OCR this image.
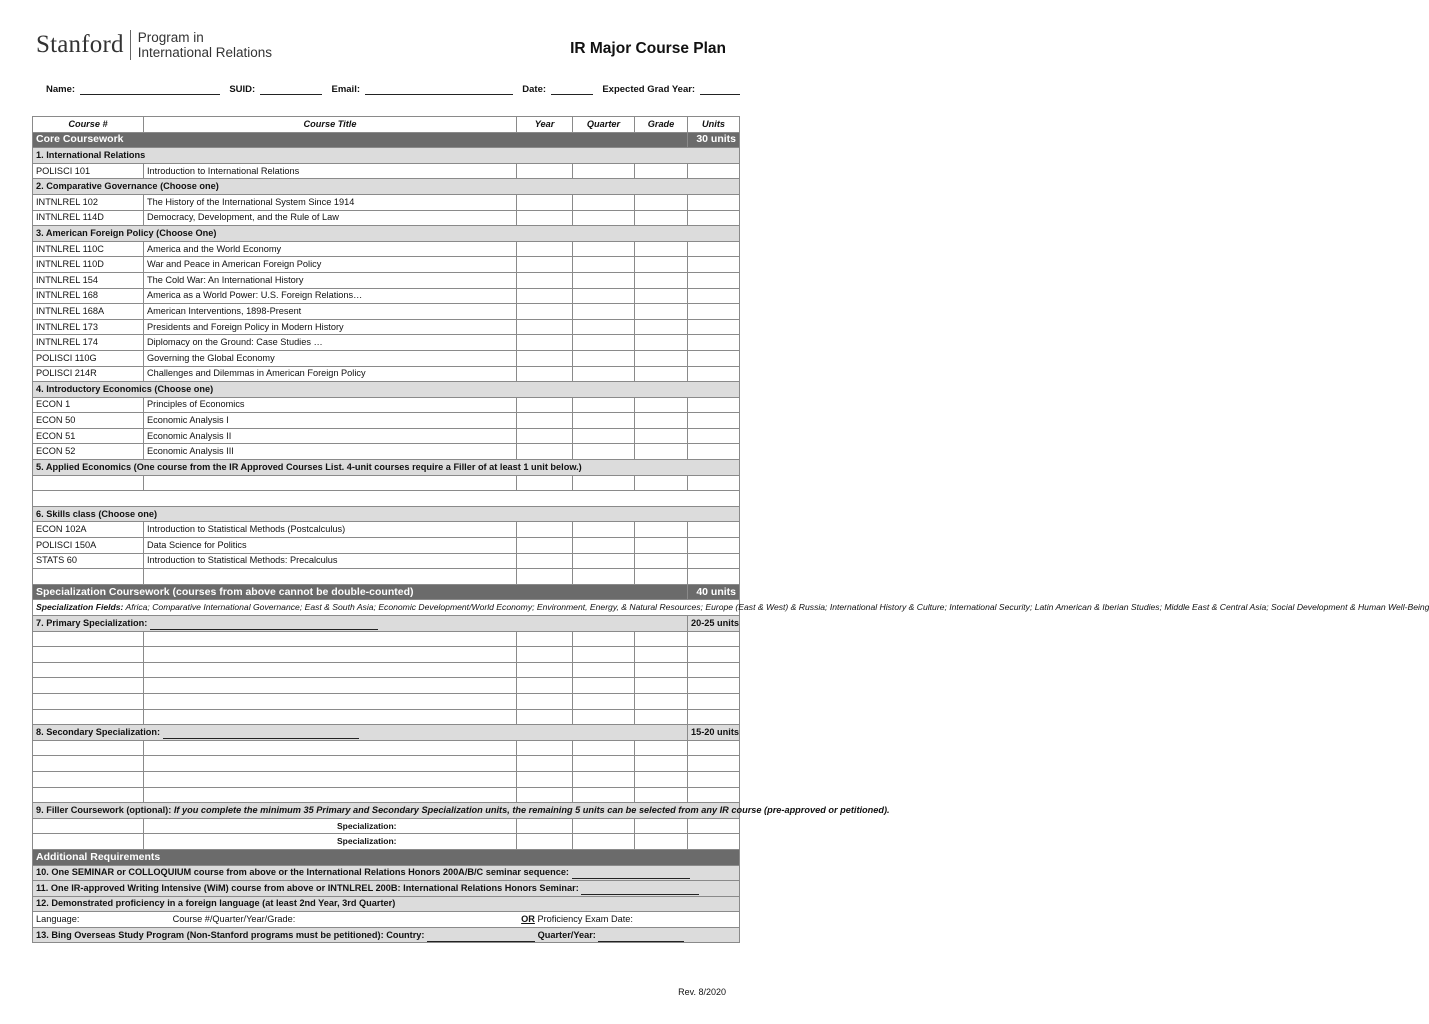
Stanford Program in
International Relations	IR Major Course Plan
Name:	SUID:	Email:	Date:	Expected Grad Year:
Course #	Course Title	Year	Quarter	Grade	Units
Core Coursework					30 units
1. International Relations					
POLISCI 101	Introduction to International Relations				
2. Comparative Governance (Choose one)					
INTNLREL 102	The History of the International System Since 1914				
INTNLREL 114D	Democracy, Development, and the Rule of Law				
3. American Foreign Policy (Choose One)					
INTNLREL 110C	America and the World Economy				
INTNLREL 110D	War and Peace in American Foreign Policy				
INTNLREL 154	The Cold War: An International History				
INTNLREL 168	America as a World Power: U.S. Foreign Relations…				
INTNLREL 168A	American Interventions, 1898-Present				
INTNLREL 173	Presidents and Foreign Policy in Modern History				
INTNLREL 174	Diplomacy on the Ground: Case Studies …				
POLISCI 110G	Governing the Global Economy				
POLISCI 214R	Challenges and Dilemmas in American Foreign Policy				
4. Introductory Economics (Choose one)					
ECON 1	Principles of Economics				
ECON 50	Economic Analysis I				
ECON 51	Economic Analysis II				
ECON 52	Economic Analysis III				
5. Applied Economics (One course from the IR Approved Courses List. 4-unit courses require a Filler of at least 1 unit below.)					

6. Skills class (Choose one)					
ECON 102A	Introduction to Statistical Methods (Postcalculus)				
POLISCI 150A	Data Science for Politics				
STATS 60	Introduction to Statistical Methods: Precalculus				

Specialization Coursework (courses from above cannot be double-counted)					40 units
Specialization Fields: Africa; Comparative International Governance; East & South Asia; Economic Development/World Economy; Environment, Energy, & Natural Resources; Europe (East & West) & Russia; International History & Culture; International Security; Latin American & Iberian Studies; Middle East & Central Asia; Social Development & Human Well-Being					
7. Primary Specialization:					20-25 units

8. Secondary Specialization:					15-20 units

9. Filler Coursework (optional): If you complete the minimum 35 Primary and Secondary Specialization units, the remaining 5 units can be selected from any IR course (pre-approved or petitioned).					
	Specialization:				
	Specialization:				
Additional Requirements					
10. One SEMINAR or COLLOQUIUM course from above or the International Relations Honors 200A/B/C seminar sequence:					
11. One IR-approved Writing Intensive (WiM) course from above or INTNLREL 200B: International Relations Honors Seminar:					
12. Demonstrated proficiency in a foreign language (at least 2nd Year, 3rd Quarter)					
Language: Course #/Quarter/Year/Grade: OR Proficiency Exam Date:					
13. Bing Overseas Study Program (Non-Stanford programs must be petitioned): Country: Quarter/Year:					
Rev. 8/2020
